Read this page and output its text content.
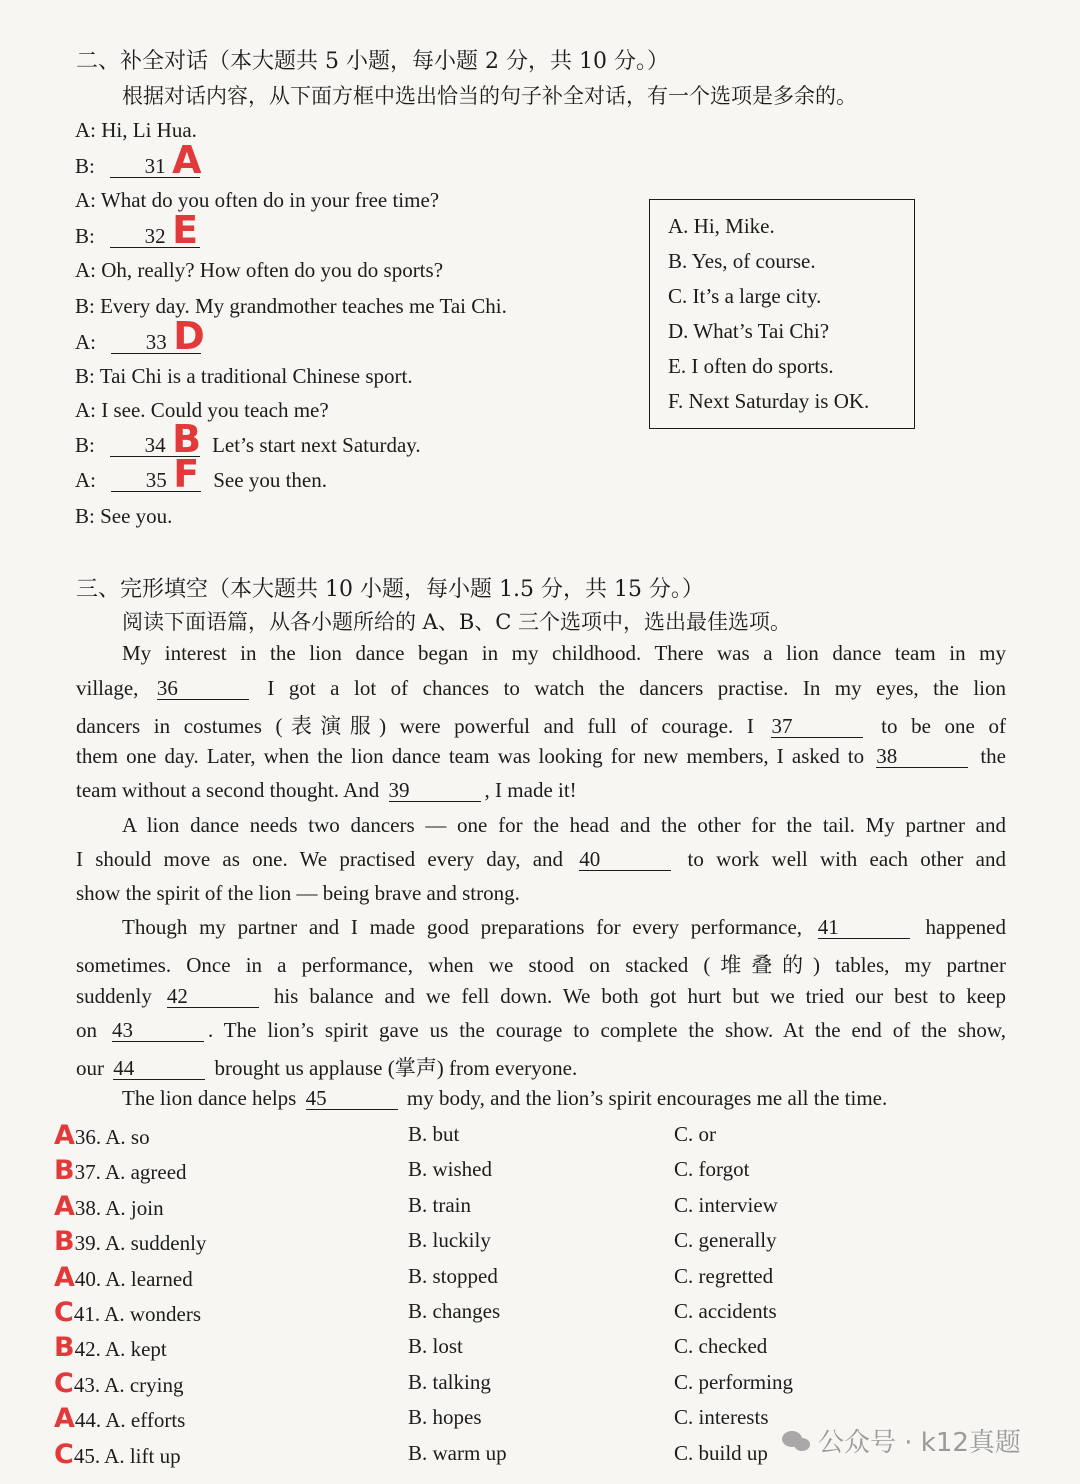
二、补全对话（本大题共 5 小题，每小题 2 分，共 10 分。）
根据对话内容，从下面方框中选出恰当的句子补全对话，有一个选项是多余的。
A: Hi, Li Hua.
B: 31 A
A: What do you often do in your free time?
B: 32 E
A: Oh, really? How often do you do sports?
B: Every day. My grandmother teaches me Tai Chi.
A: 33 D
B: Tai Chi is a traditional Chinese sport.
A: I see. Could you teach me?
B: 34 B Let’s start next Saturday.
A: 35 F See you then.
B: See you.
A. Hi, Mike.
B. Yes, of course.
C. It’s a large city.
D. What’s Tai Chi?
E. I often do sports.
F. Next Saturday is OK.
三、完形填空（本大题共 10 小题，每小题 1.5 分，共 15 分。）
阅读下面语篇，从各小题所给的 A、B、C 三个选项中，选出最佳选项。
My interest in the lion dance began in my childhood. There was a lion dance team in my
village, 36	I got a lot of chances to watch the dancers practise. In my eyes, the lion
dancers in costumes (表演服) were powerful and full of courage. I 37	to be one of
them one day. Later, when the lion dance team was looking for new members, I asked to 38	the
team without a second thought. And 39	, I made it!
A lion dance needs two dancers — one for the head and the other for the tail. My partner and
I should move as one. We practised every day, and 40	to work well with each other and
show the spirit of the lion — being brave and strong.
Though my partner and I made good preparations for every performance, 41	happened
sometimes. Once in a performance, when we stood on stacked (堆叠的) tables, my partner
suddenly 42	his balance and we fell down. We both got hurt but we tried our best to keep
on 43	. The lion’s spirit gave us the courage to complete the show. At the end of the show,
our 44	brought us applause (掌声) from everyone.
The lion dance helps 45	my body, and the lion’s spirit encourages me all the time.
A36. A. so	B. but	C. or
B37. A. agreed	B. wished	C. forgot
A38. A. join	B. train	C. interview
B39. A. suddenly	B. luckily	C. generally
A40. A. learned	B. stopped	C. regretted
C41. A. wonders	B. changes	C. accidents
B42. A. kept	B. lost	C. checked
C43. A. crying	B. talking	C. performing
A44. A. efforts	B. hopes	C. interests
C45. A. lift up	B. warm up	C. build up 公众号 · k12真题
